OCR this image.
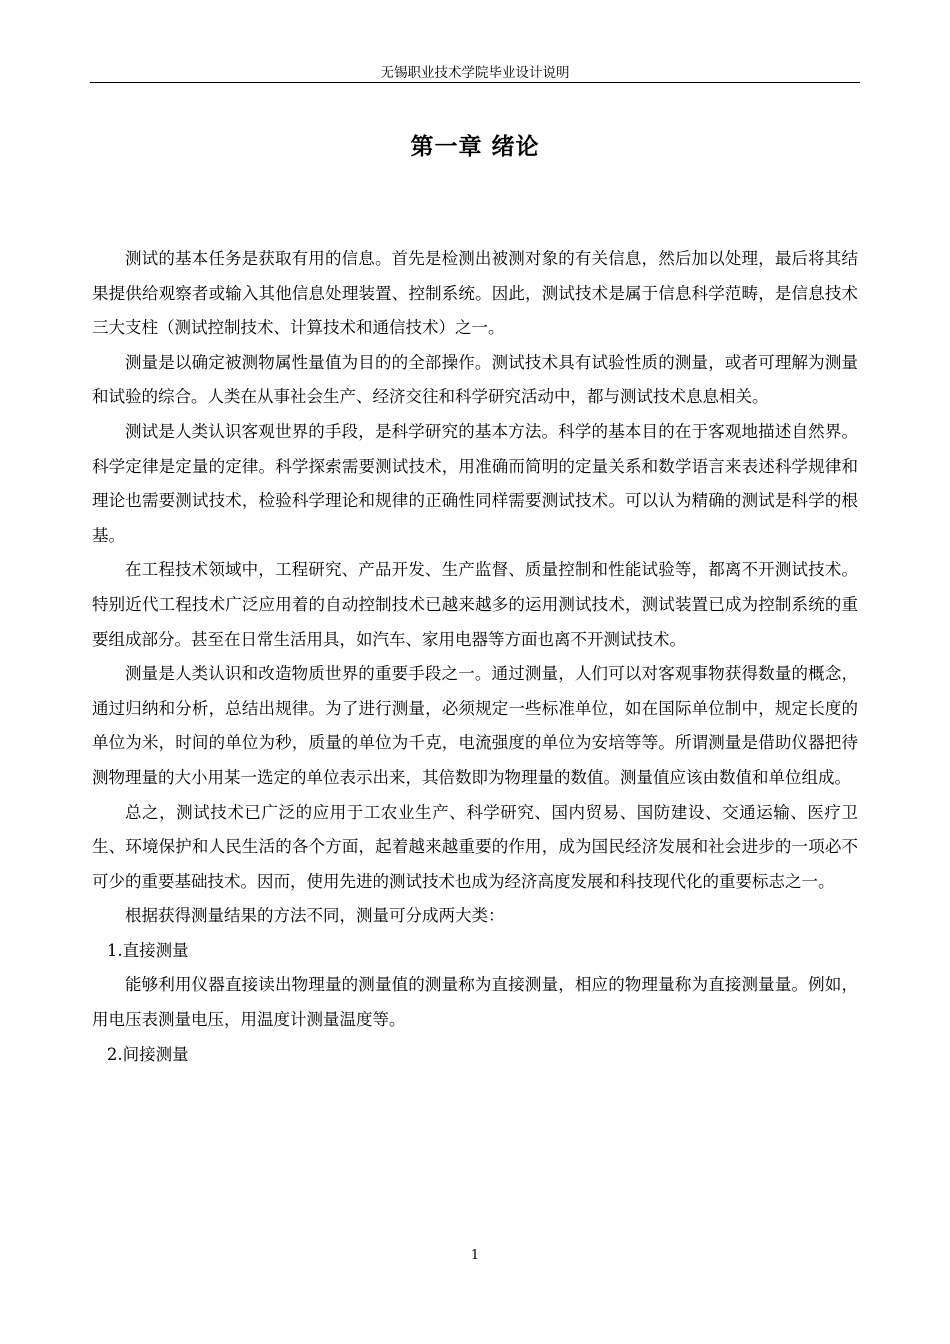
无锡职业技术学院毕业设计说明
第一章 绪论

测试的基本任务是获取有用的信息。首先是检测出被测对象的有关信息，然后加以处理，最后将其结果提供给观察者或输入其他信息处理装置、控制系统。因此，测试技术是属于信息科学范畴，是信息技术三大支柱（测试控制技术、计算技术和通信技术）之一。

测量是以确定被测物属性量值为目的的全部操作。测试技术具有试验性质的测量，或者可理解为测量和试验的综合。人类在从事社会生产、经济交往和科学研究活动中，都与测试技术息息相关。

测试是人类认识客观世界的手段，是科学研究的基本方法。科学的基本目的在于客观地描述自然界。科学定律是定量的定律。科学探索需要测试技术，用准确而简明的定量关系和数学语言来表述科学规律和理论也需要测试技术，检验科学理论和规律的正确性同样需要测试技术。可以认为精确的测试是科学的根基。

在工程技术领域中，工程研究、产品开发、生产监督、质量控制和性能试验等，都离不开测试技术。特别近代工程技术广泛应用着的自动控制技术已越来越多的运用测试技术，测试装置已成为控制系统的重要组成部分。甚至在日常生活用具，如汽车、家用电器等方面也离不开测试技术。

测量是人类认识和改造物质世界的重要手段之一。通过测量，人们可以对客观事物获得数量的概念，通过归纳和分析，总结出规律。为了进行测量，必须规定一些标准单位，如在国际单位制中，规定长度的单位为米，时间的单位为秒，质量的单位为千克，电流强度的单位为安培等等。所谓测量是借助仪器把待测物理量的大小用某一选定的单位表示出来，其倍数即为物理量的数值。测量值应该由数值和单位组成。

总之，测试技术已广泛的应用于工农业生产、科学研究、国内贸易、国防建设、交通运输、医疗卫生、环境保护和人民生活的各个方面，起着越来越重要的作用，成为国民经济发展和社会进步的一项必不可少的重要基础技术。因而，使用先进的测试技术也成为经济高度发展和科技现代化的重要标志之一。

根据获得测量结果的方法不同，测量可分成两大类：

1.直接测量

能够利用仪器直接读出物理量的测量值的测量称为直接测量，相应的物理量称为直接测量量。例如，用电压表测量电压，用温度计测量温度等。

2.间接测量

1
